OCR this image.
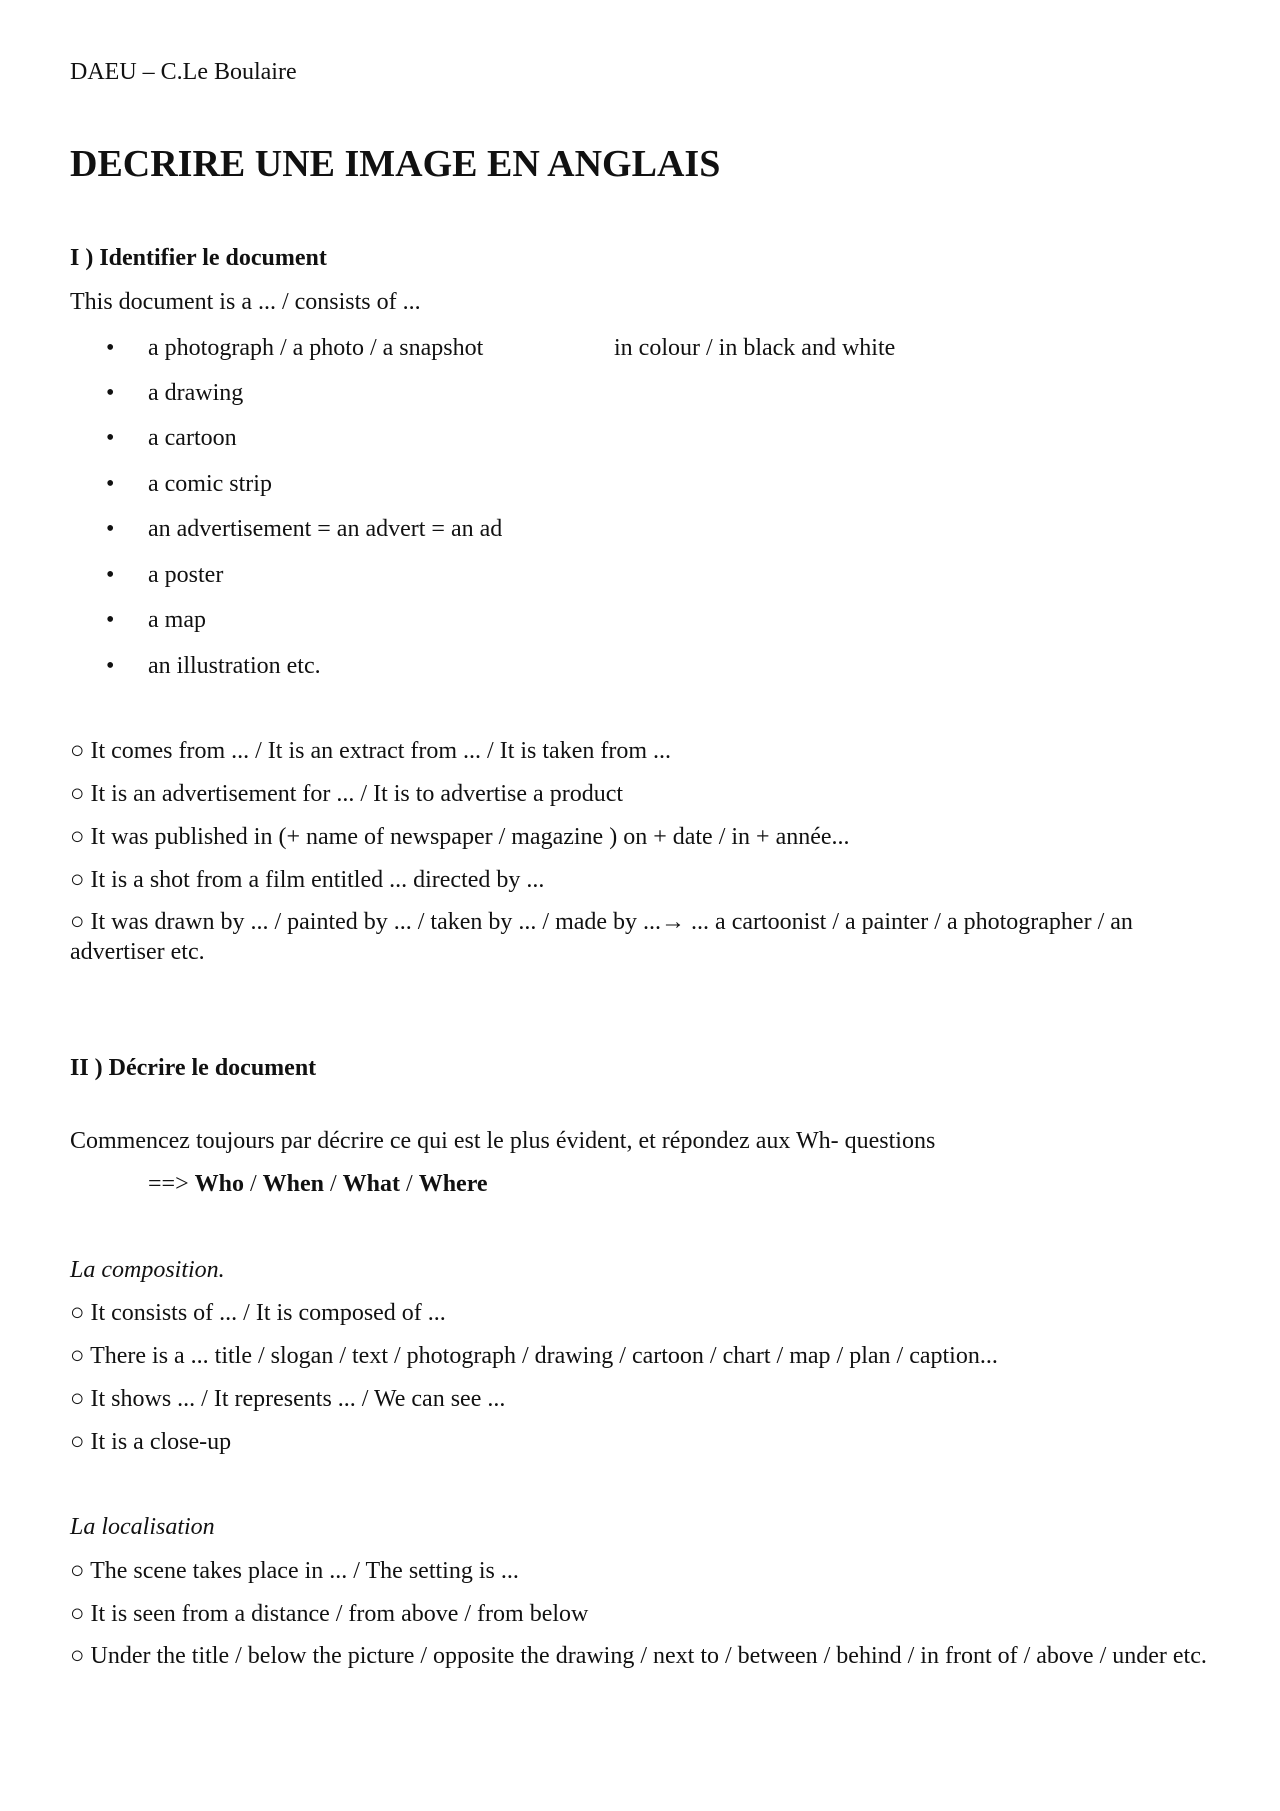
DAEU – C.Le Boulaire
DECRIRE UNE IMAGE EN ANGLAIS
I ) Identifier le document
This document is a ... / consists of ...
• a photograph / a photo / a snapshot	in colour / in black and white
• a drawing
• a cartoon
• a comic strip
• an advertisement = an advert = an ad
• a poster
• a map
• an illustration etc.
○ It comes from ... / It is an extract from ... / It is taken from ...
○ It is an advertisement for ... / It is to advertise a product
○ It was published in (+ name of newspaper / magazine ) on + date / in + année...
○ It is a shot from a film entitled ... directed by ...
○ It was drawn by ... / painted by ... / taken by ... / made by ...→ ... a cartoonist / a painter / a photographer / an advertiser etc.
II ) Décrire le document
Commencez toujours par décrire ce qui est le plus évident, et répondez aux Wh- questions
==> Who / When / What / Where
La composition.
○ It consists of ... / It is composed of ...
○ There is a ... title / slogan / text / photograph / drawing / cartoon / chart / map / plan / caption...
○ It shows ... / It represents ... / We can see ...
○ It is a close-up
La localisation
○ The scene takes place in ... / The setting is ...
○ It is seen from a distance / from above / from below
○ Under the title / below the picture / opposite the drawing / next to / between / behind / in front of / above / under etc.
